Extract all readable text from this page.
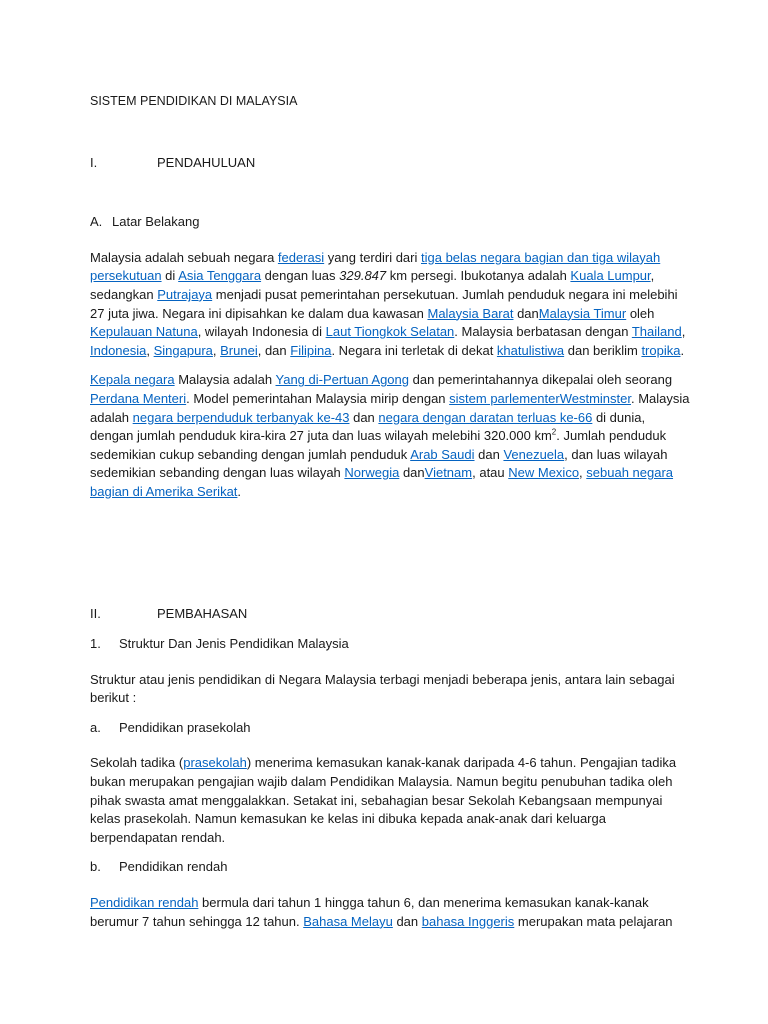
SISTEM PENDIDIKAN DI MALAYSIA
I.	PENDAHULUAN
A. Latar Belakang

Malaysia adalah sebuah negara federasi yang terdiri dari tiga belas negara bagian dan tiga wilayah persekutuan di Asia Tenggara dengan luas 329.847 km persegi. Ibukotanya adalah Kuala Lumpur, sedangkan Putrajaya menjadi pusat pemerintahan persekutuan. Jumlah penduduk negara ini melebihi 27 juta jiwa. Negara ini dipisahkan ke dalam dua kawasan Malaysia Barat danMalaysia Timur oleh Kepulauan Natuna, wilayah Indonesia di Laut Tiongkok Selatan. Malaysia berbatasan dengan Thailand, Indonesia, Singapura, Brunei, dan Filipina. Negara ini terletak di dekat khatulistiwa dan beriklim tropika.

Kepala negara Malaysia adalah Yang di-Pertuan Agong dan pemerintahannya dikepalai oleh seorang Perdana Menteri. Model pemerintahan Malaysia mirip dengan sistem parlementerWestminster. Malaysia adalah negara berpenduduk terbanyak ke-43 dan negara dengan daratan terluas ke-66 di dunia, dengan jumlah penduduk kira-kira 27 juta dan luas wilayah melebihi 320.000 $km^2$. Jumlah penduduk sedemikian cukup sebanding dengan jumlah penduduk Arab Saudi dan Venezuela, dan luas wilayah sedemikian sebanding dengan luas wilayah Norwegia danVietnam, atau New Mexico, sebuah negara bagian di Amerika Serikat.

II.	PEMBAHASAN
1.	Struktur Dan Jenis Pendidikan Malaysia

Struktur atau jenis pendidikan di Negara Malaysia terbagi menjadi beberapa jenis, antara lain sebagai berikut :

a.	Pendidikan prasekolah

Sekolah tadika (prasekolah) menerima kemasukan kanak-kanak daripada 4-6 tahun. Pengajian tadika bukan merupakan pengajian wajib dalam Pendidikan Malaysia. Namun begitu penubuhan tadika oleh pihak swasta amat menggalakkan. Setakat ini, sebahagian besar Sekolah Kebangsaan mempunyai kelas prasekolah. Namun kemasukan ke kelas ini dibuka kepada anak-anak dari keluarga berpendapatan rendah.

b.	Pendidikan rendah

Pendidikan rendah bermula dari tahun 1 hingga tahun 6, dan menerima kemasukan kanak-kanak berumur 7 tahun sehingga 12 tahun. Bahasa Melayu dan bahasa Inggeris merupakan mata pelajaran
